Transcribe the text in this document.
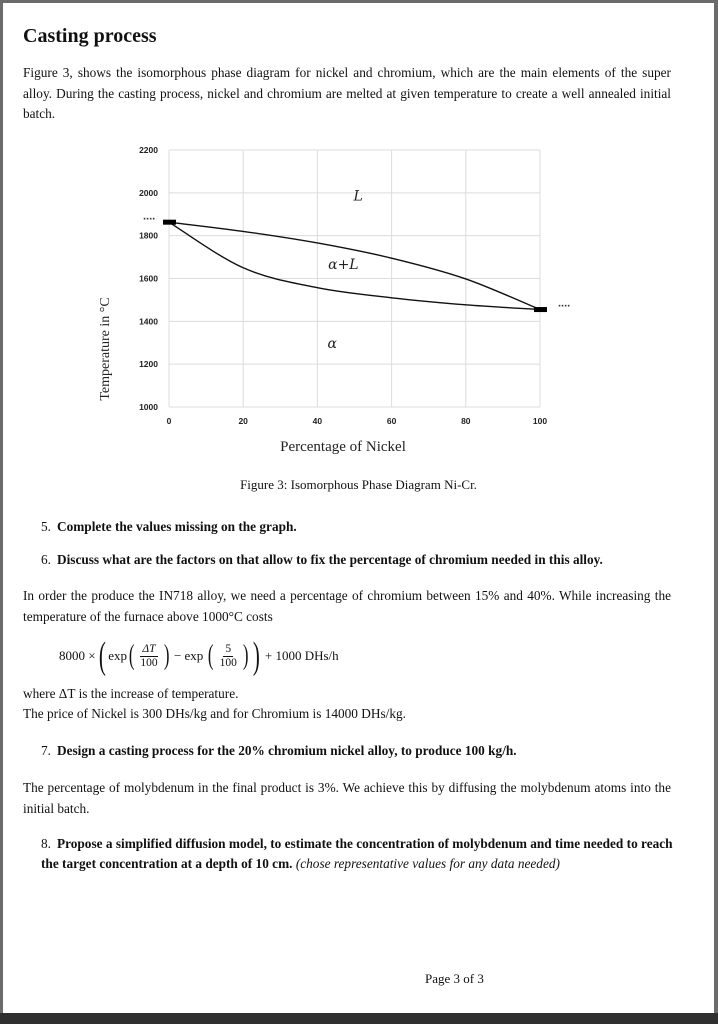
Casting process

Figure 3, shows the isomorphous phase diagram for nickel and chromium, which are the main elements of the super alloy. During the casting process, nickel and chromium are melted at given temperature to create a well annealed initial batch.

1000
1200
1400
1600
1800
2000
2200
0	20	40	60	80	100
L
α+L
α
....
....
Temperature in °C
Percentage of Nickel
Figure 3: Isomorphous Phase Diagram Ni-Cr.

5. Complete the values missing on the graph.

6. Discuss what are the factors on that allow to fix the percentage of chromium needed in this alloy.

In order the produce the IN718 alloy, we need a percentage of chromium between 15% and 40%. While increasing the temperature of the furnace above 1000°C costs

8000 × ( exp ( $\frac{\Delta T}{100}$ ) − exp ( $\frac{5}{100}$ ) ) + 1000 DHs/h

where ΔT is the increase of temperature.

The price of Nickel is 300 DHs/kg and for Chromium is 14000 DHs/kg.

7. Design a casting process for the 20% chromium nickel alloy, to produce 100 kg/h.

The percentage of molybdenum in the final product is 3%. We achieve this by diffusing the molybdenum atoms into the initial batch.

8. Propose a simplified diffusion model, to estimate the concentration of molybdenum and time needed to reach the target concentration at a depth of 10 cm. (chose representative values for any data needed)

Page 3 of 3
